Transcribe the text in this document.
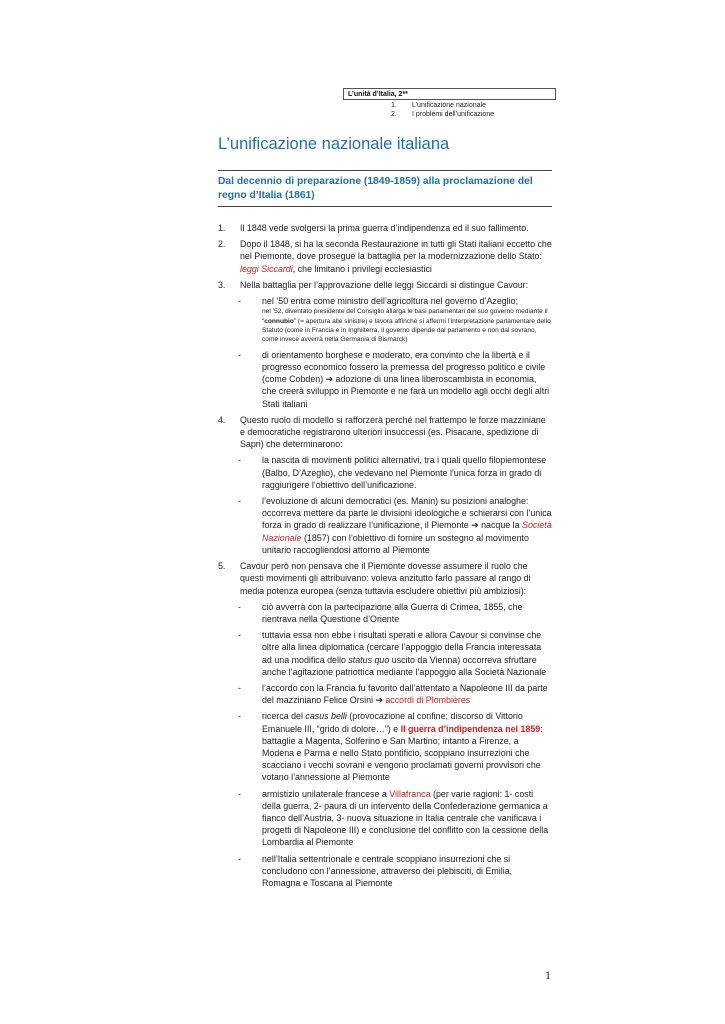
L’unità d’Italia, 2**
1.	L’unificazione nazionale
2.	I problemi dell’unificazione
L’unificazione nazionale italiana

Dal decennio di preparazione (1849-1859) alla proclamazione del regno d’Italia (1861)

1.	Il 1848 vede svolgersi la prima guerra d’indipendenza ed il suo fallimento.
2.	Dopo il 1848, si ha la seconda Restaurazione in tutti gli Stati italiani eccetto che nel Piemonte, dove prosegue la battaglia per la modernizzazione dello Stato: leggi Siccardi, che limitano i privilegi ecclesiastici
3.	Nella battaglia per l’approvazione delle leggi Siccardi si distingue Cavour:
-	nel ’50 entra come ministro dell’agricoltura nel governo d’Azeglio;
nel ’52, diventato presidente del Consiglio allarga le basi parlamentari del suo governo mediante il “connubio” (= apertura alle sinistre) e lavora affinché si affermi l’interpretazione parlamentare dello Statuto (come in Francia e in Inghilterra, il governo dipende dal parlamento e non dal sovrano, come invece avverrà nella Germania di Bismarck)
-	di orientamento borghese e moderato, era convinto che la libertà e il progresso economico fossero la premessa del progresso politico e civile (come Cobden) ➔ adozione di una linea liberoscambista in economia, che creerà sviluppo in Piemonte e ne farà un modello agli occhi degli altri Stati italiani
4.	Questo ruolo di modello si rafforzerà perché nel frattempo le forze mazziniane e democratiche registrarono ulteriori insuccessi (es. Pisacane, spedizione di Sapri) che determinarono:
-	la nascita di movimenti politici alternativi, tra i quali quello filopiemontese (Balbo, D’Azeglio), che vedevano nel Piemonte l’unica forza in grado di raggiungere l’obiettivo dell’unificazione.
-	l’evoluzione di alcuni democratici (es. Manin) su posizioni analoghe: occorreva mettere da parte le divisioni ideologiche e schierarsi con l’unica forza in grado di realizzare l’unificazione, il Piemonte ➔ nacque la Società Nazionale (1857) con l’obiettivo di fornire un sostegno al movimento unitario raccogliendosi attorno al Piemonte
5.	Cavour però non pensava che il Piemonte dovesse assumere il ruolo che questi movimenti gli attribuivano: voleva anzitutto farlo passare al rango di media potenza europea (senza tuttavia escludere obiettivi più ambiziosi):
-	ciò avverrà con la partecipazione alla Guerra di Crimea, 1855, che rientrava nella Questione d’Oriente
-	tuttavia essa non ebbe i risultati sperati e allora Cavour si convinse che oltre alla linea diplomatica (cercare l’appoggio della Francia interessata ad una modifica dello status quo uscito da Vienna) occorreva sfruttare anche l’agitazione patriottica mediante l’appoggio alla Società Nazionale
-	l’accordo con la Francia fu favorito dall’attentato a Napoleone III da parte del mazziniano Felice Orsini ➔ accordi di Plombières
-	ricerca del casus belli (provocazione al confine; discorso di Vittorio Emanuele III, “grido di dolore…”) e II guerra d’indipendenza nel 1859: battaglie a Magenta, Solferino e San Martino; intanto a Firenze, a Modena e Parma e nello Stato pontificio, scoppiano insurrezioni che scacciano i vecchi sovrani e vengono proclamati governi provvisori che votano l’annessione al Piemonte
-	armistizio unilaterale francese a Villafranca (per varie ragioni: 1- costi della guerra, 2- paura di un intervento della Confederazione germanica a fianco dell’Austria, 3- nuova situazione in Italia centrale che vanificava i progetti di Napoleone III) e conclusione del conflitto con la cessione della Lombardia al Piemonte
-	nell’Italia settentrionale e centrale scoppiano insurrezioni che si concludono con l’annessione, attraverso dei plebisciti, di Emilia, Romagna e Toscana al Piemonte
1
